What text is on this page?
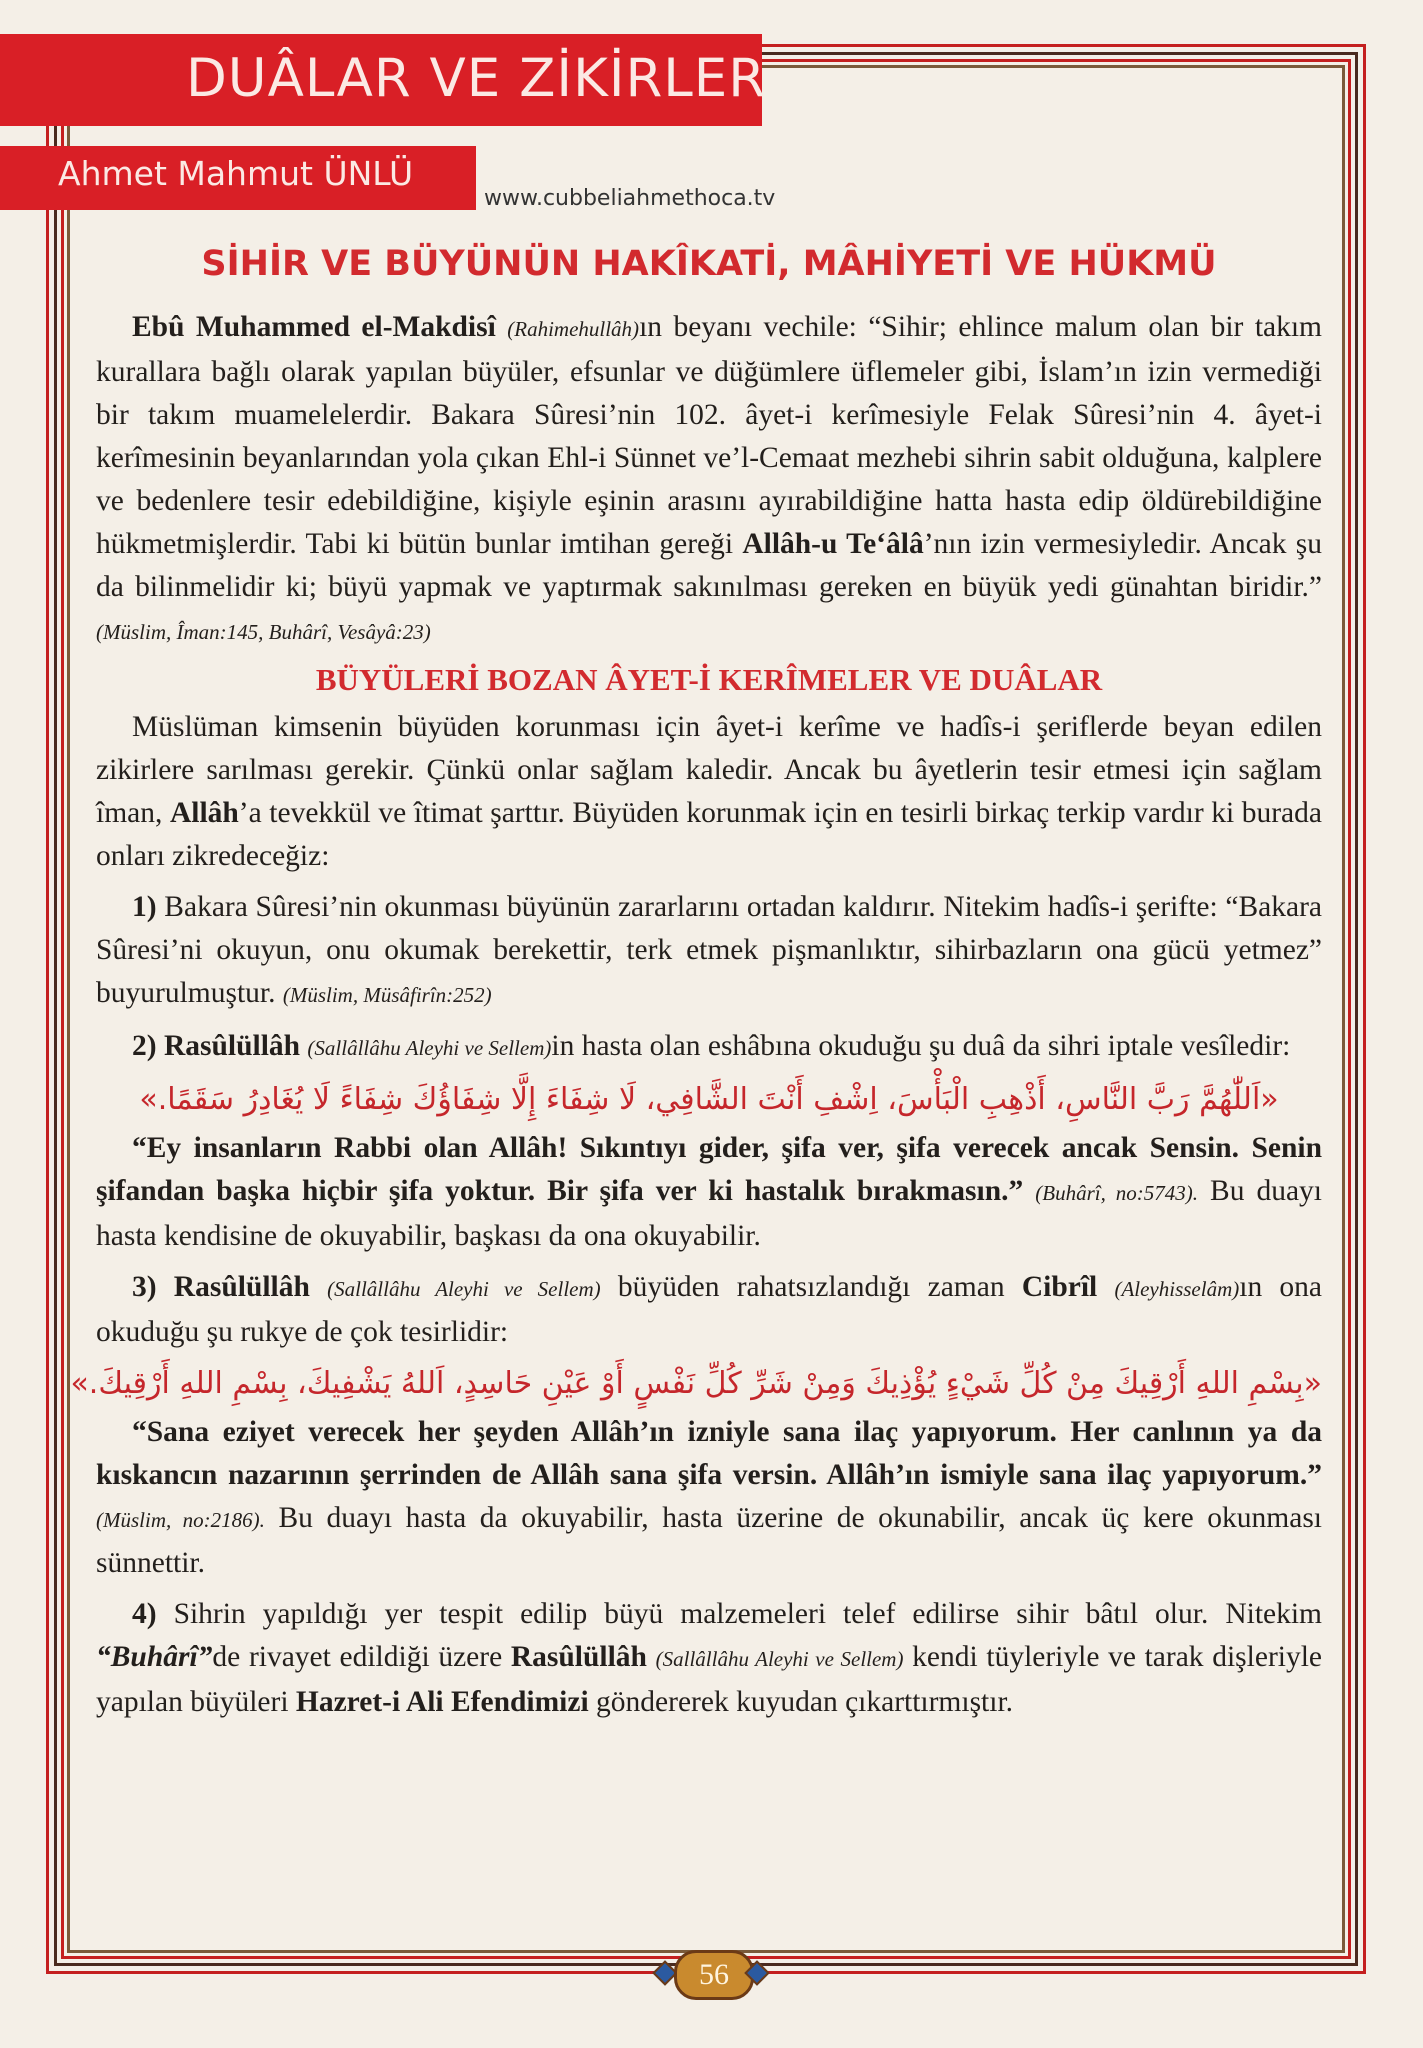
DUÂLAR VE ZİKİRLER
Ahmet Mahmut ÜNLÜ
www.cubbeliahmethoca.tv
SİHİR VE BÜYÜNÜN HAKÎKATİ, MÂHİYETİ VE HÜKMÜ

Ebû Muhammed el-Makdisî (Rahimehullâh)ın beyanı vechile: “Sihir; ehlince malum olan bir takım kurallara bağlı olarak yapılan büyüler, efsunlar ve düğümlere üflemeler gibi, İslam’ın izin vermediği bir takım muamelelerdir. Bakara Sûresi’nin 102. âyet-i kerîmesiyle Felak Sûresi’nin 4. âyet-i kerîmesinin beyanlarından yola çıkan Ehl-i Sünnet ve’l-Cemaat mezhebi sihrin sabit olduğuna, kalplere ve bedenlere tesir edebildiğine, kişiyle eşinin arasını ayırabildiğine hatta hasta edip öldürebildiğine hükmetmişlerdir. Tabi ki bütün bunlar imtihan gereği Allâh-u Te‘âlâ’nın izin vermesiyledir. Ancak şu da bilinmelidir ki; büyü yapmak ve yaptırmak sakınılması gereken en büyük yedi günahtan biridir.” (Müslim, Îman:145, Buhârî, Vesâyâ:23)

BÜYÜLERİ BOZAN ÂYET-İ KERÎMELER VE DUÂLAR

Müslüman kimsenin büyüden korunması için âyet-i kerîme ve hadîs-i şeriflerde beyan edilen zikirlere sarılması gerekir. Çünkü onlar sağlam kaledir. Ancak bu âyetlerin tesir etmesi için sağlam îman, Allâh’a tevekkül ve îtimat şarttır. Büyüden korunmak için en tesirli birkaç terkip vardır ki burada onları zikredeceğiz:

1) Bakara Sûresi’nin okunması büyünün zararlarını ortadan kaldırır. Nitekim hadîs-i şerifte: “Bakara Sûresi’ni okuyun, onu okumak berekettir, terk etmek pişmanlıktır, sihirbazların ona gücü yetmez” buyurulmuştur. (Müslim, Müsâfirîn:252)

2) Rasûlüllâh (Sallâllâhu Aleyhi ve Sellem)in hasta olan eshâbına okuduğu şu duâ da sihri iptale vesîledir:

«اَللّٰهُمَّ رَبَّ النَّاسِ، أَذْهِبِ الْبَأْسَ، اِشْفِ أَنْتَ الشَّافِي، لَا شِفَاءَ إِلَّا شِفَاؤُكَ شِفَاءً لَا يُغَادِرُ سَقَمًا.»

“Ey insanların Rabbi olan Allâh! Sıkıntıyı gider, şifa ver, şifa verecek ancak Sensin. Senin şifandan başka hiçbir şifa yoktur. Bir şifa ver ki hastalık bırakmasın.” (Buhârî, no:5743). Bu duayı hasta kendisine de okuyabilir, başkası da ona okuyabilir.

3) Rasûlüllâh (Sallâllâhu Aleyhi ve Sellem) büyüden rahatsızlandığı zaman Cibrîl (Aleyhisselâm)ın ona okuduğu şu rukye de çok tesirlidir:

«بِسْمِ اللهِ أَرْقِيكَ مِنْ كُلِّ شَيْءٍ يُؤْذِيكَ وَمِنْ شَرِّ كُلِّ نَفْسٍ أَوْ عَيْنِ حَاسِدٍ، اَللهُ يَشْفِيكَ، بِسْمِ اللهِ أَرْقِيكَ.»

“Sana eziyet verecek her şeyden Allâh’ın izniyle sana ilaç yapıyorum. Her canlının ya da kıskancın nazarının şerrinden de Allâh sana şifa versin. Allâh’ın ismiyle sana ilaç yapıyorum.” (Müslim, no:2186). Bu duayı hasta da okuyabilir, hasta üzerine de okunabilir, ancak üç kere okunması sünnettir.

4) Sihrin yapıldığı yer tespit edilip büyü malzemeleri telef edilirse sihir bâtıl olur. Nitekim “Buhârî”de rivayet edildiği üzere Rasûlüllâh (Sallâllâhu Aleyhi ve Sellem) kendi tüyleriyle ve tarak dişleriyle yapılan büyüleri Hazret-i Ali Efendimizi göndererek kuyudan çıkarttırmıştır.

56
